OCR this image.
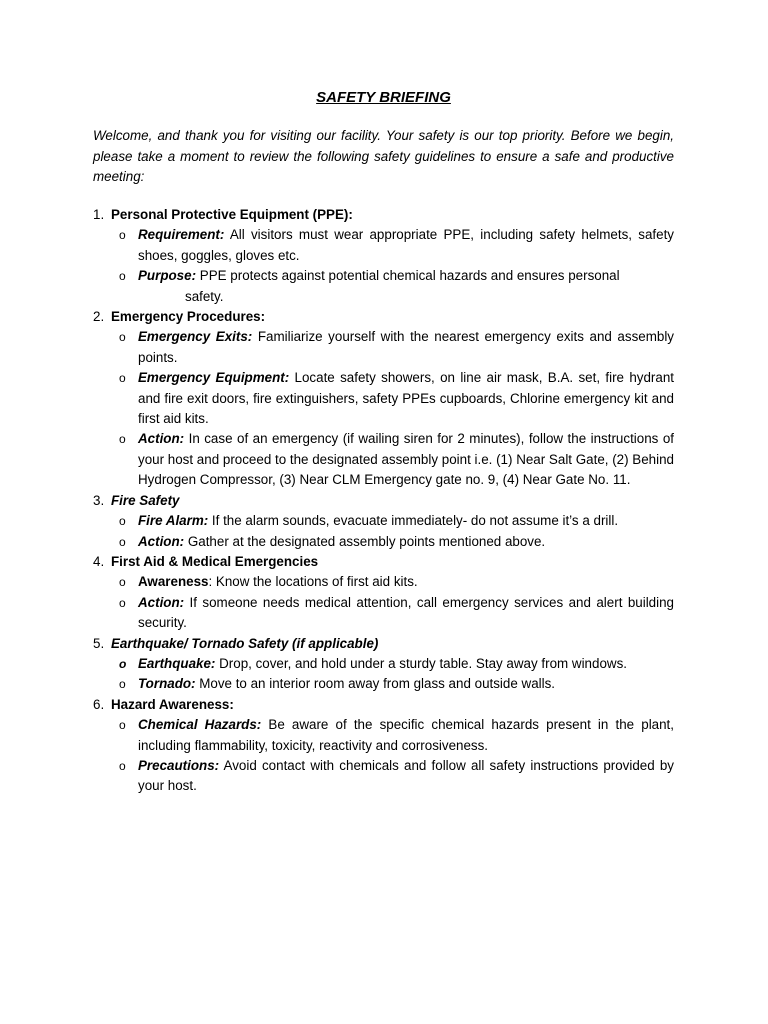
SAFETY BRIEFING

Welcome, and thank you for visiting our facility. Your safety is our top priority. Before we begin, please take a moment to review the following safety guidelines to ensure a safe and productive meeting:

1. Personal Protective Equipment (PPE):
o Requirement: All visitors must wear appropriate PPE, including safety helmets, safety shoes, goggles, gloves etc.
o Purpose: PPE protects against potential chemical hazards and ensures personal
safety.
2. Emergency Procedures:
o Emergency Exits: Familiarize yourself with the nearest emergency exits and assembly points.
o Emergency Equipment: Locate safety showers, on line air mask, B.A. set, fire hydrant and fire exit doors, fire extinguishers, safety PPEs cupboards, Chlorine emergency kit and first aid kits.
o Action: In case of an emergency (if wailing siren for 2 minutes), follow the instructions of your host and proceed to the designated assembly point i.e. (1) Near Salt Gate, (2) Behind Hydrogen Compressor, (3) Near CLM Emergency gate no. 9, (4) Near Gate No. 11.
3. Fire Safety
o Fire Alarm: If the alarm sounds, evacuate immediately- do not assume it’s a drill.
o Action: Gather at the designated assembly points mentioned above.
4. First Aid & Medical Emergencies
o Awareness: Know the locations of first aid kits.
o Action: If someone needs medical attention, call emergency services and alert building security.
5. Earthquake/ Tornado Safety (if applicable)
o Earthquake: Drop, cover, and hold under a sturdy table. Stay away from windows.
o Tornado: Move to an interior room away from glass and outside walls.
6. Hazard Awareness:
o Chemical Hazards: Be aware of the specific chemical hazards present in the plant, including flammability, toxicity, reactivity and corrosiveness.
o Precautions: Avoid contact with chemicals and follow all safety instructions provided by your host.
